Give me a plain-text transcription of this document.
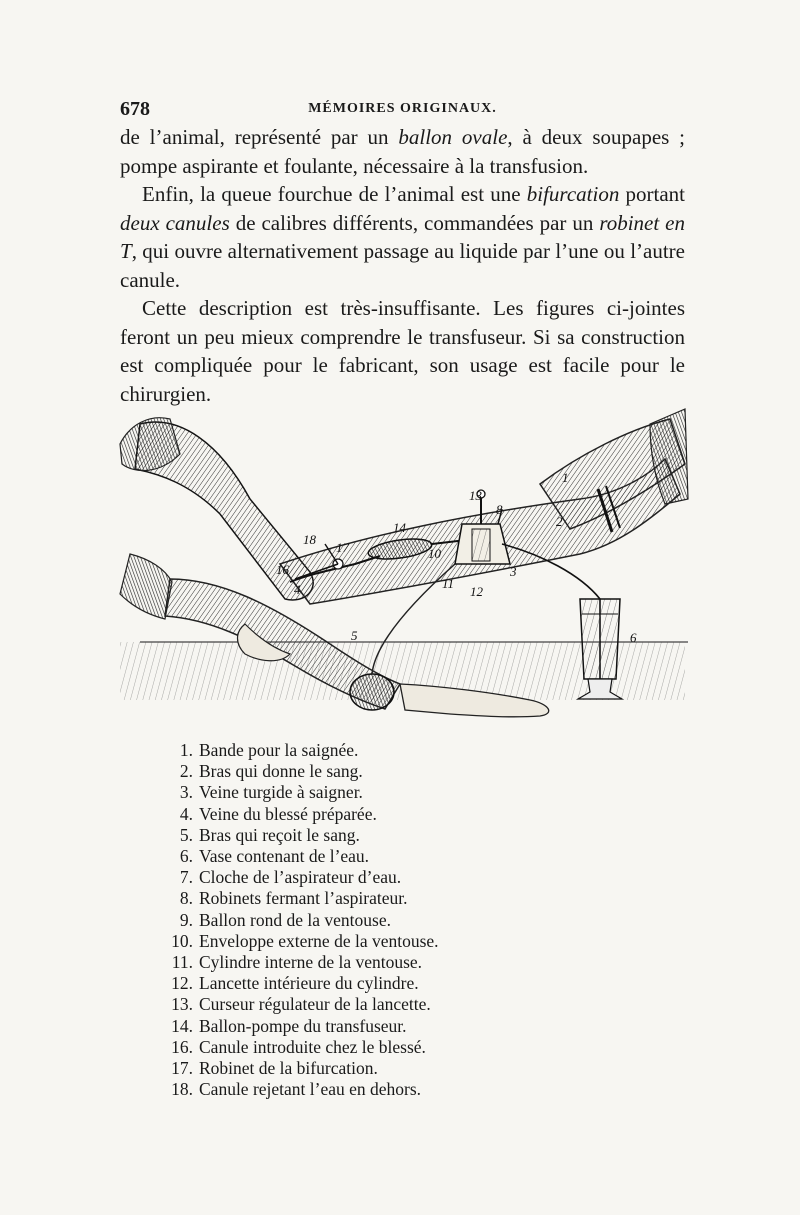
678	MÉMOIRES ORIGINAUX.

de l’animal, représenté par un ballon ovale, à deux soupapes ; pompe aspirante et foulante, nécessaire à la transfusion.

Enfin, la queue fourchue de l’animal est une bifurcation portant deux canules de calibres différents, commandées par un robinet en T, qui ouvre alternativement passage au liquide par l’une ou l’autre canule.

Cette description est très-insuffisante. Les figures ci-jointes feront un peu mieux comprendre le transfuseur. Si sa construction est compliquée pour le fabricant, son usage est facile pour le chirurgien.

1
2
3
4
5	6
8
10
11
12
13
14
16
17
18
1. Bande pour la saignée.
2. Bras qui donne le sang.
3. Veine turgide à saigner.
4. Veine du blessé préparée.
5. Bras qui reçoit le sang.
6. Vase contenant de l’eau.
7. Cloche de l’aspirateur d’eau.
8. Robinets fermant l’aspirateur.
9. Ballon rond de la ventouse.
10. Enveloppe externe de la ventouse.
11. Cylindre interne de la ventouse.
12. Lancette intérieure du cylindre.
13. Curseur régulateur de la lancette.
14. Ballon-pompe du transfuseur.
16. Canule introduite chez le blessé.
17. Robinet de la bifurcation.
18. Canule rejetant l’eau en dehors.
